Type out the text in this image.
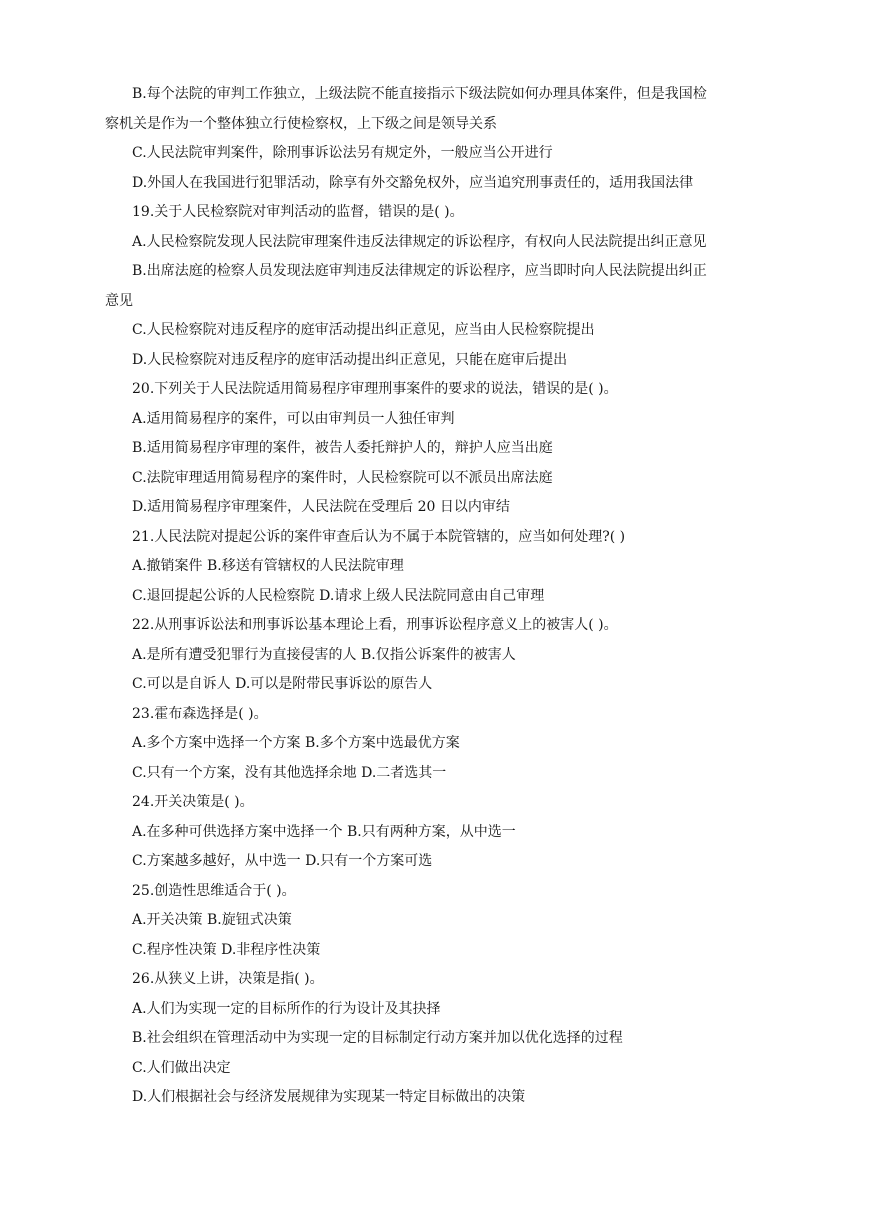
B.每个法院的审判工作独立，上级法院不能直接指示下级法院如何办理具体案件，但是我国检
察机关是作为一个整体独立行使检察权，上下级之间是领导关系
C.人民法院审判案件，除刑事诉讼法另有规定外，一般应当公开进行
D.外国人在我国进行犯罪活动，除享有外交豁免权外，应当追究刑事责任的，适用我国法律
19.关于人民检察院对审判活动的监督，错误的是( )。
A.人民检察院发现人民法院审理案件违反法律规定的诉讼程序，有权向人民法院提出纠正意见
B.出席法庭的检察人员发现法庭审判违反法律规定的诉讼程序，应当即时向人民法院提出纠正
意见
C.人民检察院对违反程序的庭审活动提出纠正意见，应当由人民检察院提出
D.人民检察院对违反程序的庭审活动提出纠正意见，只能在庭审后提出
20.下列关于人民法院适用简易程序审理刑事案件的要求的说法，错误的是( )。
A.适用简易程序的案件，可以由审判员一人独任审判
B.适用简易程序审理的案件，被告人委托辩护人的，辩护人应当出庭
C.法院审理适用简易程序的案件时，人民检察院可以不派员出席法庭
D.适用简易程序审理案件，人民法院在受理后 20 日以内审结
21.人民法院对提起公诉的案件审查后认为不属于本院管辖的，应当如何处理?( )
A.撤销案件 B.移送有管辖权的人民法院审理
C.退回提起公诉的人民检察院 D.请求上级人民法院同意由自己审理
22.从刑事诉讼法和刑事诉讼基本理论上看，刑事诉讼程序意义上的被害人( )。
A.是所有遭受犯罪行为直接侵害的人 B.仅指公诉案件的被害人
C.可以是自诉人 D.可以是附带民事诉讼的原告人
23.霍布森选择是( )。
A.多个方案中选择一个方案 B.多个方案中选最优方案
C.只有一个方案，没有其他选择余地 D.二者选其一
24.开关决策是( )。
A.在多种可供选择方案中选择一个 B.只有两种方案，从中选一
C.方案越多越好，从中选一 D.只有一个方案可选
25.创造性思维适合于( )。
A.开关决策 B.旋钮式决策
C.程序性决策 D.非程序性决策
26.从狭义上讲，决策是指( )。
A.人们为实现一定的目标所作的行为设计及其抉择
B.社会组织在管理活动中为实现一定的目标制定行动方案并加以优化选择的过程
C.人们做出决定
D.人们根据社会与经济发展规律为实现某一特定目标做出的决策
